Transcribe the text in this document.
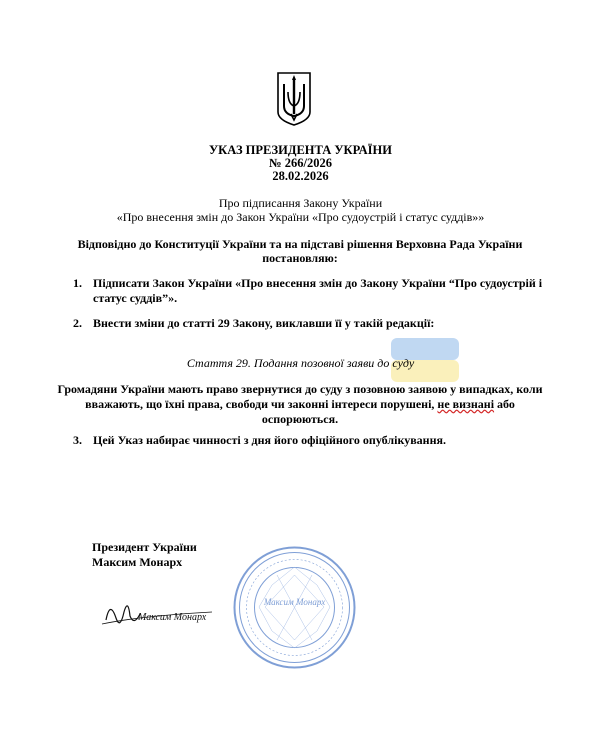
УКАЗ ПРЕЗИДЕНТА УКРАЇНИ
№ 266/2026
28.02.2026
Про підписання Закону України
«Про внесення змін до Закон України «Про судоустрій і статус суддів»»
Відповідно до Конституції України та на підставі рішення Верховна Рада України
постановляю:
1. Підписати Закон України «Про внесення змін до Закону України “Про судоустрій і статус суддів”».
2. Внести зміни до статті 29 Закону, виклавши її у такій редакції:
Стаття 29. Подання позовної заяви до суду
Громадяни України мають право звернутися до суду з позовною заявою у випадках, коли вважають, що їхні права, свободи чи законні інтереси порушені, не визнані або оспорюються.
3. Цей Указ набирає чинності з дня його офіційного опублікування.
Президент України
Максим Монарх
Максим Монарх
Максим Монарх
